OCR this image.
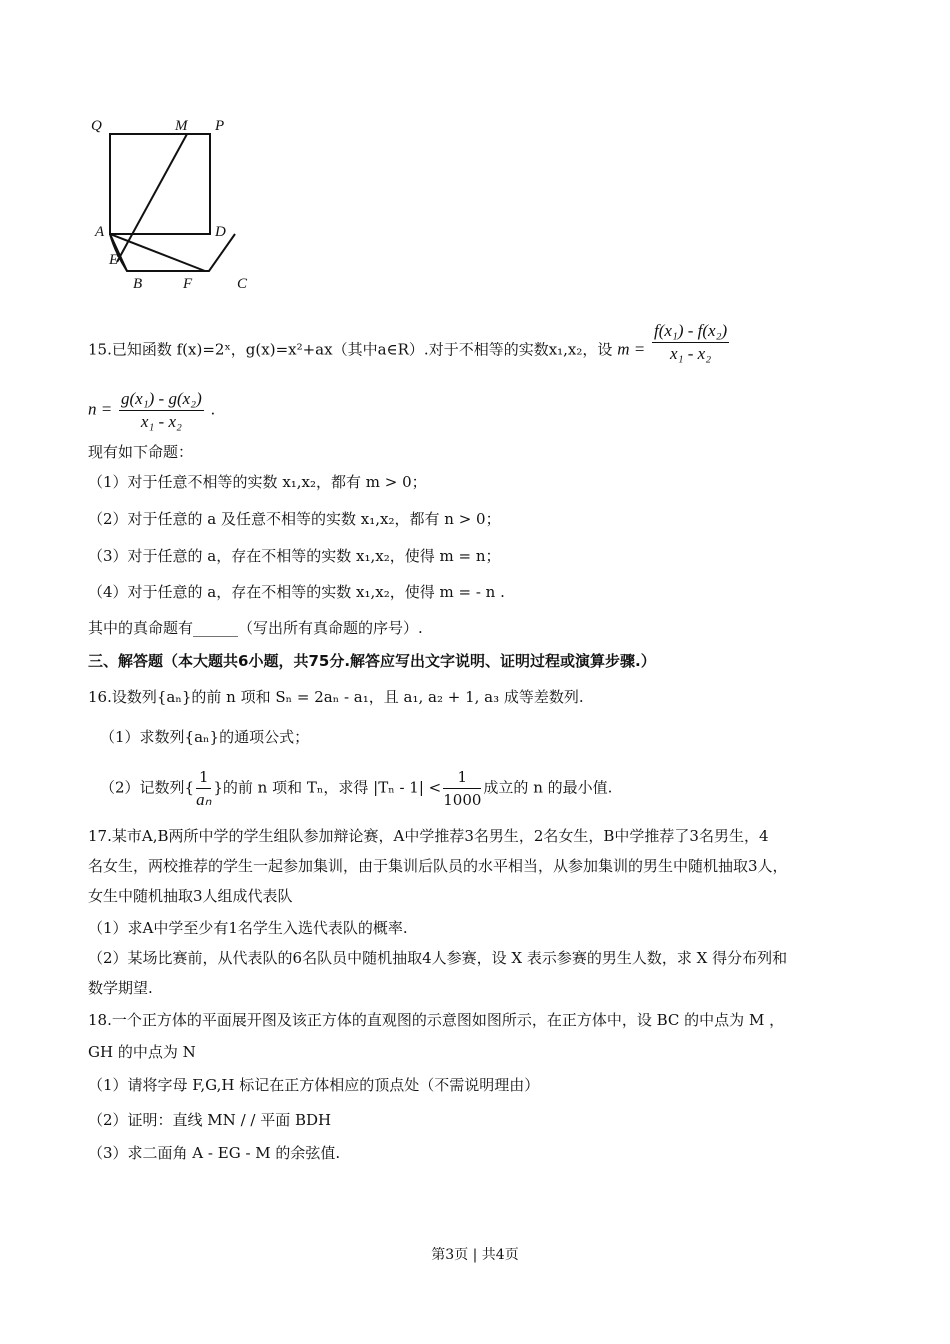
Q	M P
A	D
E
B	F	C
15.已知函数 f(x)=2ˣ，g(x)=x²+ax（其中a∈R）.对于不相等的实数x₁,x₂，设 $m = \frac{\text{f(x₁) - f(x₂)}}{\text{x₁ - x₂}}$
$n = \frac{\text{g(x₁) - g(x₂)}}{\text{x₁ - x₂}}$ .
现有如下命题：
（1）对于任意不相等的实数 x₁,x₂，都有 m > 0；
（2）对于任意的 a 及任意不相等的实数 x₁,x₂，都有 n > 0；
（3）对于任意的 a，存在不相等的实数 x₁,x₂，使得 m = n；
（4）对于任意的 a，存在不相等的实数 x₁,x₂，使得 m = - n .
其中的真命题有______（写出所有真命题的序号）.
三、解答题（本大题共6小题，共75分.解答应写出文字说明、证明过程或演算步骤.）
16.设数列{aₙ}的前 n 项和 Sₙ = 2aₙ - a₁，且 a₁, a₂ + 1, a₃ 成等差数列.
（1）求数列{aₙ}的通项公式；
（2）记数列{ $\frac{1}{\text{aₙ}}$ }的前 n 项和 Tₙ，求得 $|T_n - 1| < \frac{1}{1000}$ 成立的 n 的最小值.
17.某市A,B两所中学的学生组队参加辩论赛，A中学推荐3名男生，2名女生，B中学推荐了3名男生，4
名女生，两校推荐的学生一起参加集训，由于集训后队员的水平相当，从参加集训的男生中随机抽取3人，
女生中随机抽取3人组成代表队
（1）求A中学至少有1名学生入选代表队的概率.
（2）某场比赛前，从代表队的6名队员中随机抽取4人参赛，设 X 表示参赛的男生人数，求 X 得分布列和
数学期望.
18.一个正方体的平面展开图及该正方体的直观图的示意图如图所示，在正方体中，设 BC 的中点为 M ，
GH 的中点为 N
（1）请将字母 F,G,H 标记在正方体相应的顶点处（不需说明理由）
（2）证明：直线 MN / / 平面 BDH
（3）求二面角 A - EG - M 的余弦值.
第3页 | 共4页
